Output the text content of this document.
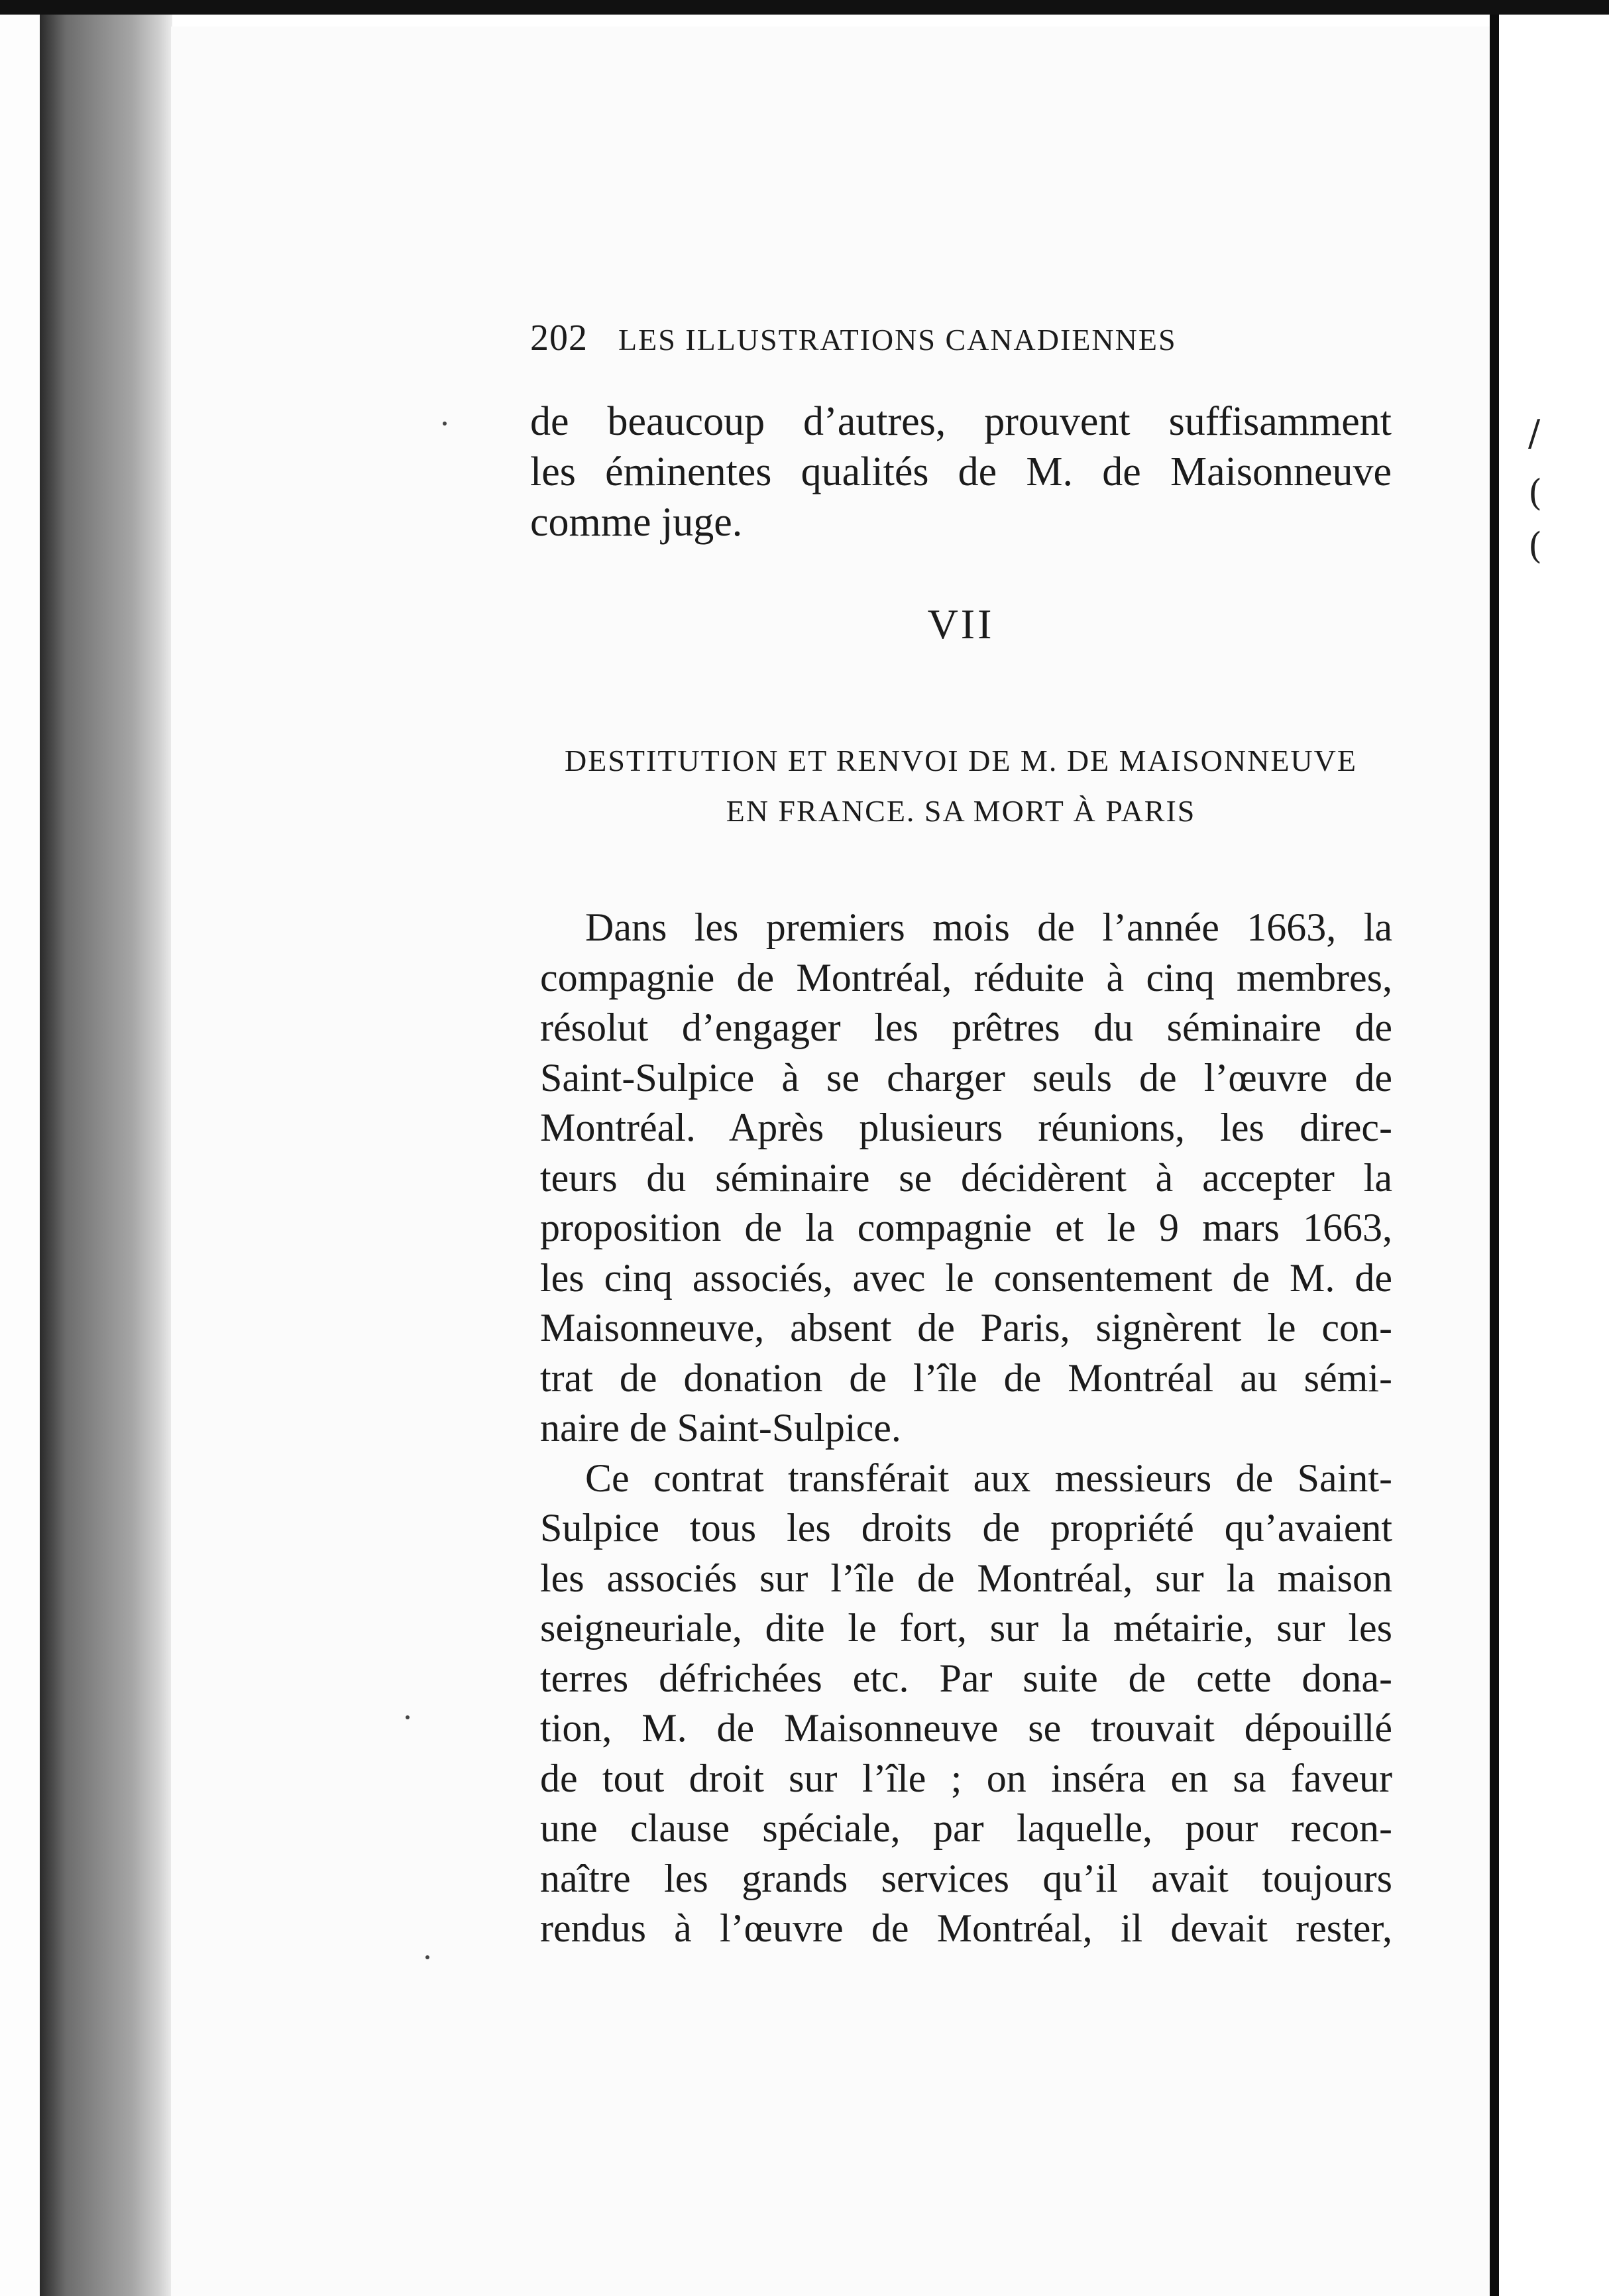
/
(
(
202 LES ILLUSTRATIONS CANADIENNES
de beaucoup d’autres, prouvent suffisamment
les éminentes qualités de M. de Maisonneuve
comme juge.
VII
DESTITUTION ET RENVOI DE M. DE MAISONNEUVE
EN FRANCE. SA MORT À PARIS
Dans les premiers mois de l’année 1663, la
compagnie de Montréal, réduite à cinq membres,
résolut d’engager les prêtres du séminaire de
Saint-Sulpice à se charger seuls de l’œuvre de
Montréal. Après plusieurs réunions, les direc-
teurs du séminaire se décidèrent à accepter la
proposition de la compagnie et le 9 mars 1663,
les cinq associés, avec le consentement de M. de
Maisonneuve, absent de Paris, signèrent le con-
trat de donation de l’île de Montréal au sémi-
naire de Saint-Sulpice.
Ce contrat transférait aux messieurs de Saint-
Sulpice tous les droits de propriété qu’avaient
les associés sur l’île de Montréal, sur la maison
seigneuriale, dite le fort, sur la métairie, sur les
terres défrichées etc. Par suite de cette dona-
tion, M. de Maisonneuve se trouvait dépouillé
de tout droit sur l’île ; on inséra en sa faveur
une clause spéciale, par laquelle, pour recon-
naître les grands services qu’il avait toujours
rendus à l’œuvre de Montréal, il devait rester,
